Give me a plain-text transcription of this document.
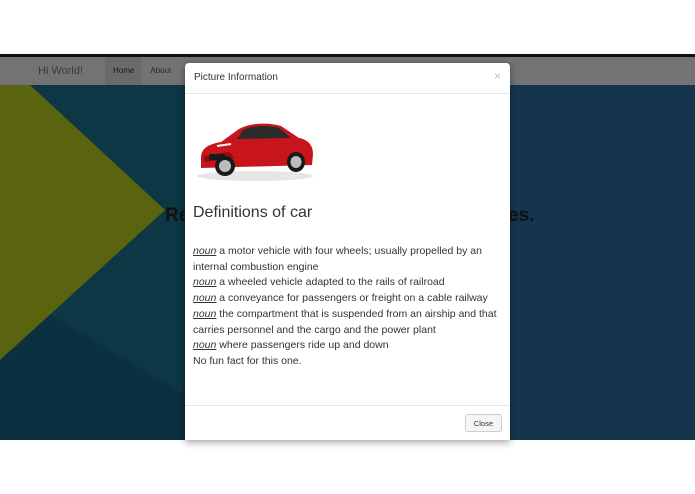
Picture Information	×
Definitions of car
noun a motor vehicle with four wheels; usually propelled by an internal combustion engine
noun a wheeled vehicle adapted to the rails of railroad
noun a conveyance for passengers or freight on a cable railway
noun the compartment that is suspended from an airship and that carries personnel and the cargo and the power plant
noun where passengers ride up and down
No fun fact for this one.
Close
